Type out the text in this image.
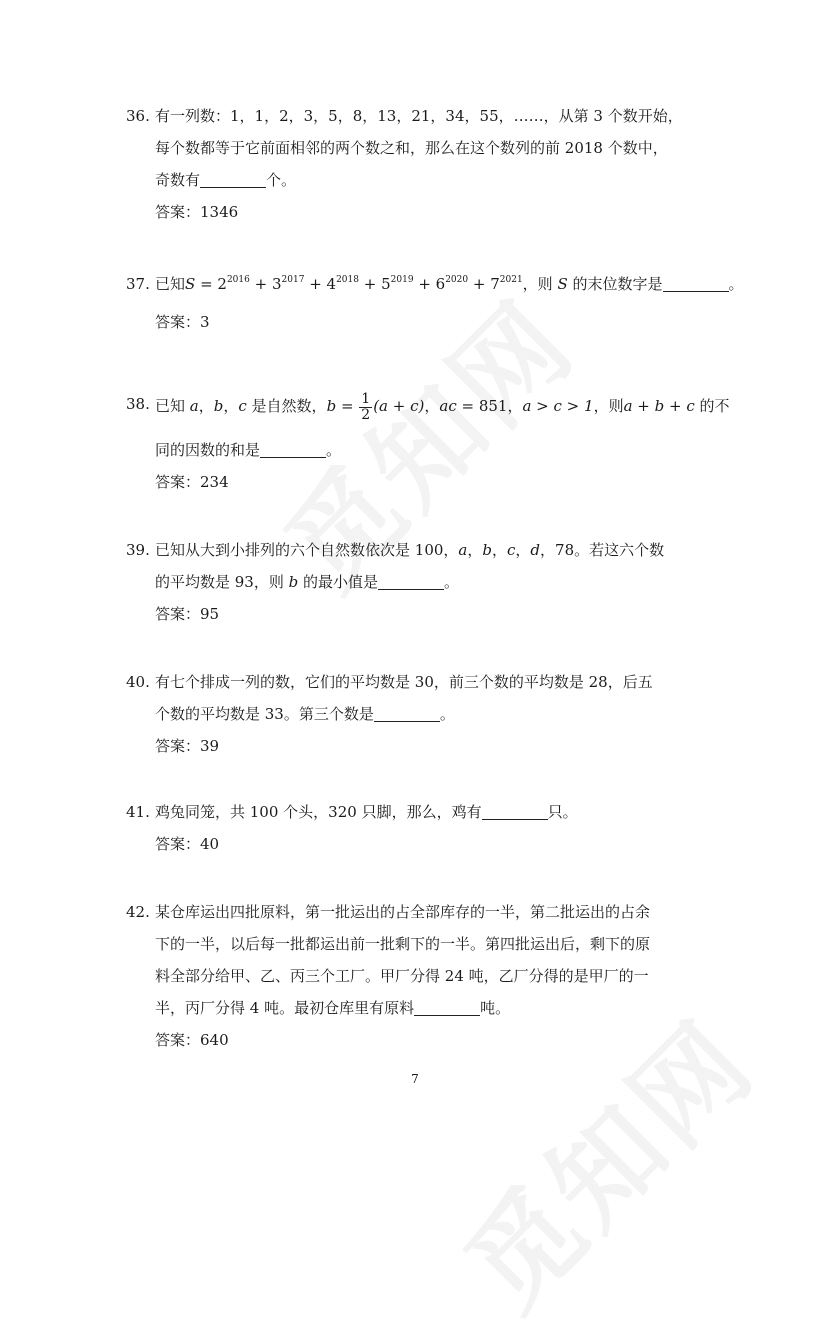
36. 有一列数：1，1，2，3，5，8，13，21，34，55，……，从第 3 个数开始，
每个数都等于它前面相邻的两个数之和，那么在这个数列的前 2018 个数中，
奇数有	个。
答案：1346
37. 已知$S = 2^{2016} + 3^{2017} + 4^{2018} + 5^{2019} + 6^{2020} + 7^{2021}$，则 S 的末位数字是	。
答案：3
38. 已知 a，b，c 是自然数，$b = \frac{1}{2} (a + c)$，ac = 851，a > c > 1，则a + b + c 的不
同的因数的和是	。
答案：234
39. 已知从大到小排列的六个自然数依次是 100，a，b，c，d，78。若这六个数
的平均数是 93，则 b 的最小值是	。
答案：95
40. 有七个排成一列的数，它们的平均数是 30，前三个数的平均数是 28，后五
个数的平均数是 33。第三个数是	。
答案：39
41. 鸡兔同笼，共 100 个头，320 只脚，那么，鸡有	只。
答案：40
42. 某仓库运出四批原料，第一批运出的占全部库存的一半，第二批运出的占余
下的一半，以后每一批都运出前一批剩下的一半。第四批运出后，剩下的原
料全部分给甲、乙、丙三个工厂。甲厂分得 24 吨，乙厂分得的是甲厂的一
半，丙厂分得 4 吨。最初仓库里有原料	吨。
答案：640
7
